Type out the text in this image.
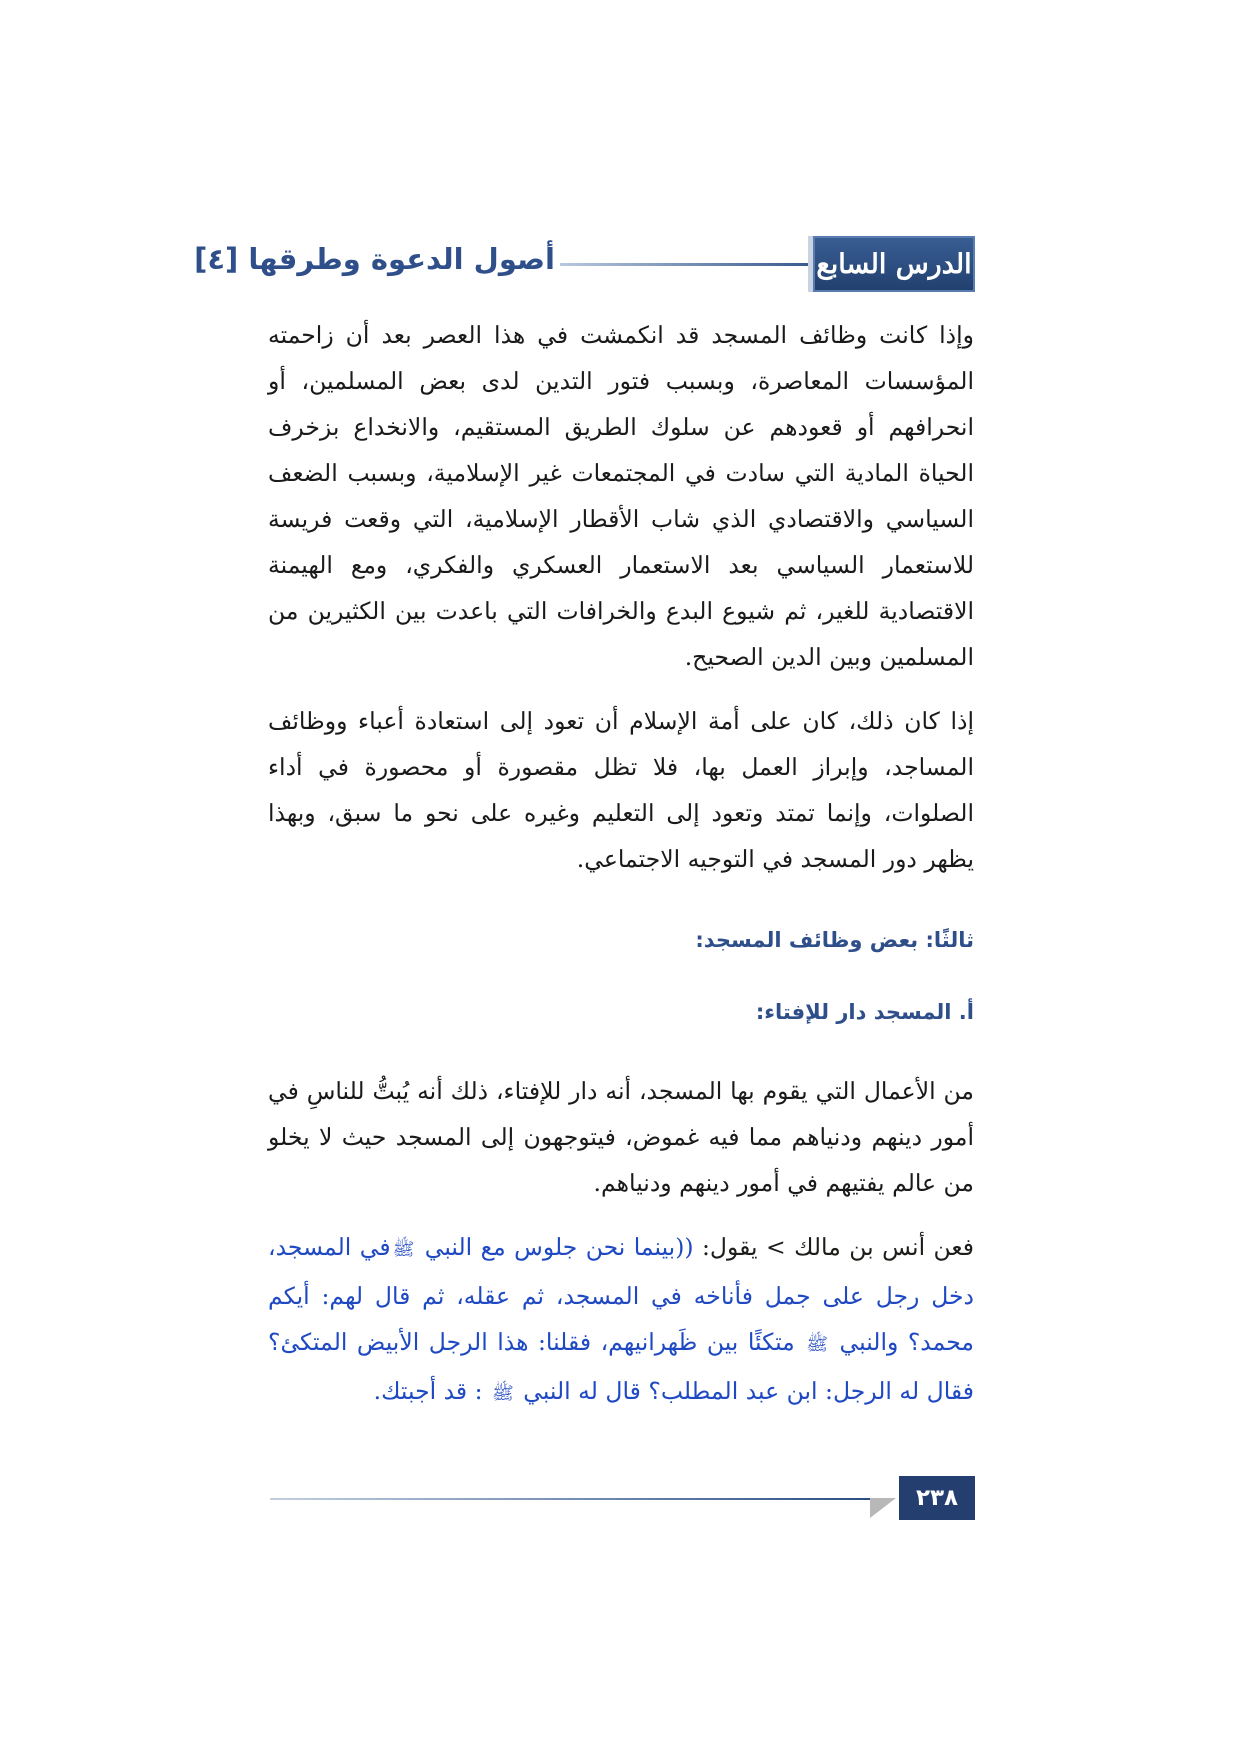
أصول الدعوة وطرقها [٤]	الدرس السابع

وإذا كانت وظائف المسجد قد انكمشت في هذا العصر بعد أن زاحمته المؤسسات المعاصرة، وبسبب فتور التدين لدى بعض المسلمين، أو انحرافهم أو قعودهم عن سلوك الطريق المستقيم، والانخداع بزخرف الحياة المادية التي سادت في المجتمعات غير الإسلامية، وبسبب الضعف السياسي والاقتصادي الذي شاب الأقطار الإسلامية، التي وقعت فريسة للاستعمار السياسي بعد الاستعمار العسكري والفكري، ومع الهيمنة الاقتصادية للغير، ثم شيوع البدع والخرافات التي باعدت بين الكثيرين من المسلمين وبين الدين الصحيح.

إذا كان ذلك، كان على أمة الإسلام أن تعود إلى استعادة أعباء ووظائف المساجد، وإبراز العمل بها، فلا تظل مقصورة أو محصورة في أداء الصلوات، وإنما تمتد وتعود إلى التعليم وغيره على نحو ما سبق، وبهذا يظهر دور المسجد في التوجيه الاجتماعي.

ثالثًا: بعض وظائف المسجد:
أ. المسجد دار للإفتاء:

من الأعمال التي يقوم بها المسجد، أنه دار للإفتاء، ذلك أنه يُبتُّ للناسِ في أمور دينهم ودنياهم مما فيه غموض، فيتوجهون إلى المسجد حيث لا يخلو من عالم يفتيهم في أمور دينهم ودنياهم.

فعن أنس بن مالك > يقول: ((بينما نحن جلوس مع النبي ﷺفي المسجد، دخل رجل على جمل فأناخه في المسجد، ثم عقله، ثم قال لهم: أيكم محمد؟ والنبي ﷺ متكئًا بين ظَهرانيهم، فقلنا: هذا الرجل الأبيض المتكئ؟ فقال له الرجل: ابن عبد المطلب؟ قال له النبي ﷺ : قد أجبتك.

٢٣٨
